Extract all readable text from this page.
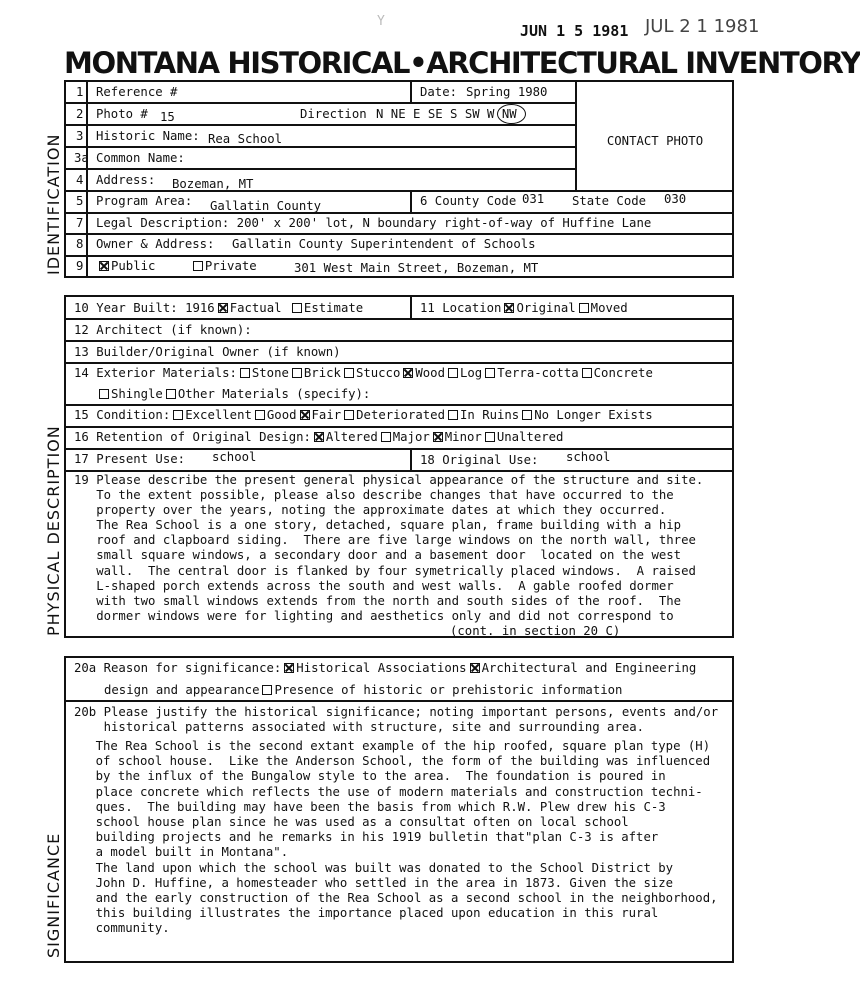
Y
JUN 1 5 1981 JUL 2 1 1981
MONTANA HISTORICAL•ARCHITECTURAL INVENTORY
IDENTIFICATION
PHYSICAL DESCRIPTION
SIGNIFICANCE
1 Reference #	Date: Spring 1980
2 Photo # 15	Direction N NE E SE S SW W NW
3 Historic Name: Rea School
3a Common Name:
4 Address: Bozeman, MT
5 Program Area: Gallatin County	6 County Code 031 State Code 030
7 Legal Description: 200' x 200' lot, N boundary right-of-way of Huffine Lane
8 Owner & Address: Gallatin County Superintendent of Schools
9	Public	Private	301 West Main Street, Bozeman, MT
CONTACT PHOTO
10 Year Built: 1916 Factual Estimate	11 Location Original Moved
12 Architect (if known):
13 Builder/Original Owner (if known)
14 Exterior Materials: Stone Brick Stucco Wood Log Terra-cotta Concrete
Shingle Other Materials (specify):
15 Condition: Excellent Good Fair Deteriorated In Ruins No Longer Exists
16 Retention of Original Design: Altered Major Minor Unaltered
17 Present Use: school	18 Original Use: school
19 Please describe the present general physical appearance of the structure and site.
To the extent possible, please also describe changes that have occurred to the
property over the years, noting the approximate dates at which they occurred.
The Rea School is a one story, detached, square plan, frame building with a hip
roof and clapboard siding.  There are five large windows on the north wall, three
small square windows, a secondary door and a basement door  located on the west
wall.  The central door is flanked by four symetrically placed windows.  A raised
L-shaped porch extends across the south and west walls.  A gable roofed dormer
with two small windows extends from the north and south sides of the roof.  The
dormer windows were for lighting and aesthetics only and did not correspond to
(cont. in section 20 C)
20a Reason for significance: Historical Associations Architectural and Engineering
design and appearance Presence of historic or prehistoric information
20b Please justify the historical significance; noting important persons, events and/or
historical patterns associated with structure, site and surrounding area.
The Rea School is the second extant example of the hip roofed, square plan type (H)
of school house.  Like the Anderson School, the form of the building was influenced
by the influx of the Bungalow style to the area.  The foundation is poured in
place concrete which reflects the use of modern materials and construction techni-
ques.  The building may have been the basis from which R.W. Plew drew his C-3
school house plan since he was used as a consultat often on local school
building projects and he remarks in his 1919 bulletin that"plan C-3 is after
a model built in Montana".
The land upon which the school was built was donated to the School District by
John D. Huffine, a homesteader who settled in the area in 1873. Given the size
and the early construction of the Rea School as a second school in the neighborhood,
this building illustrates the importance placed upon education in this rural
community.
